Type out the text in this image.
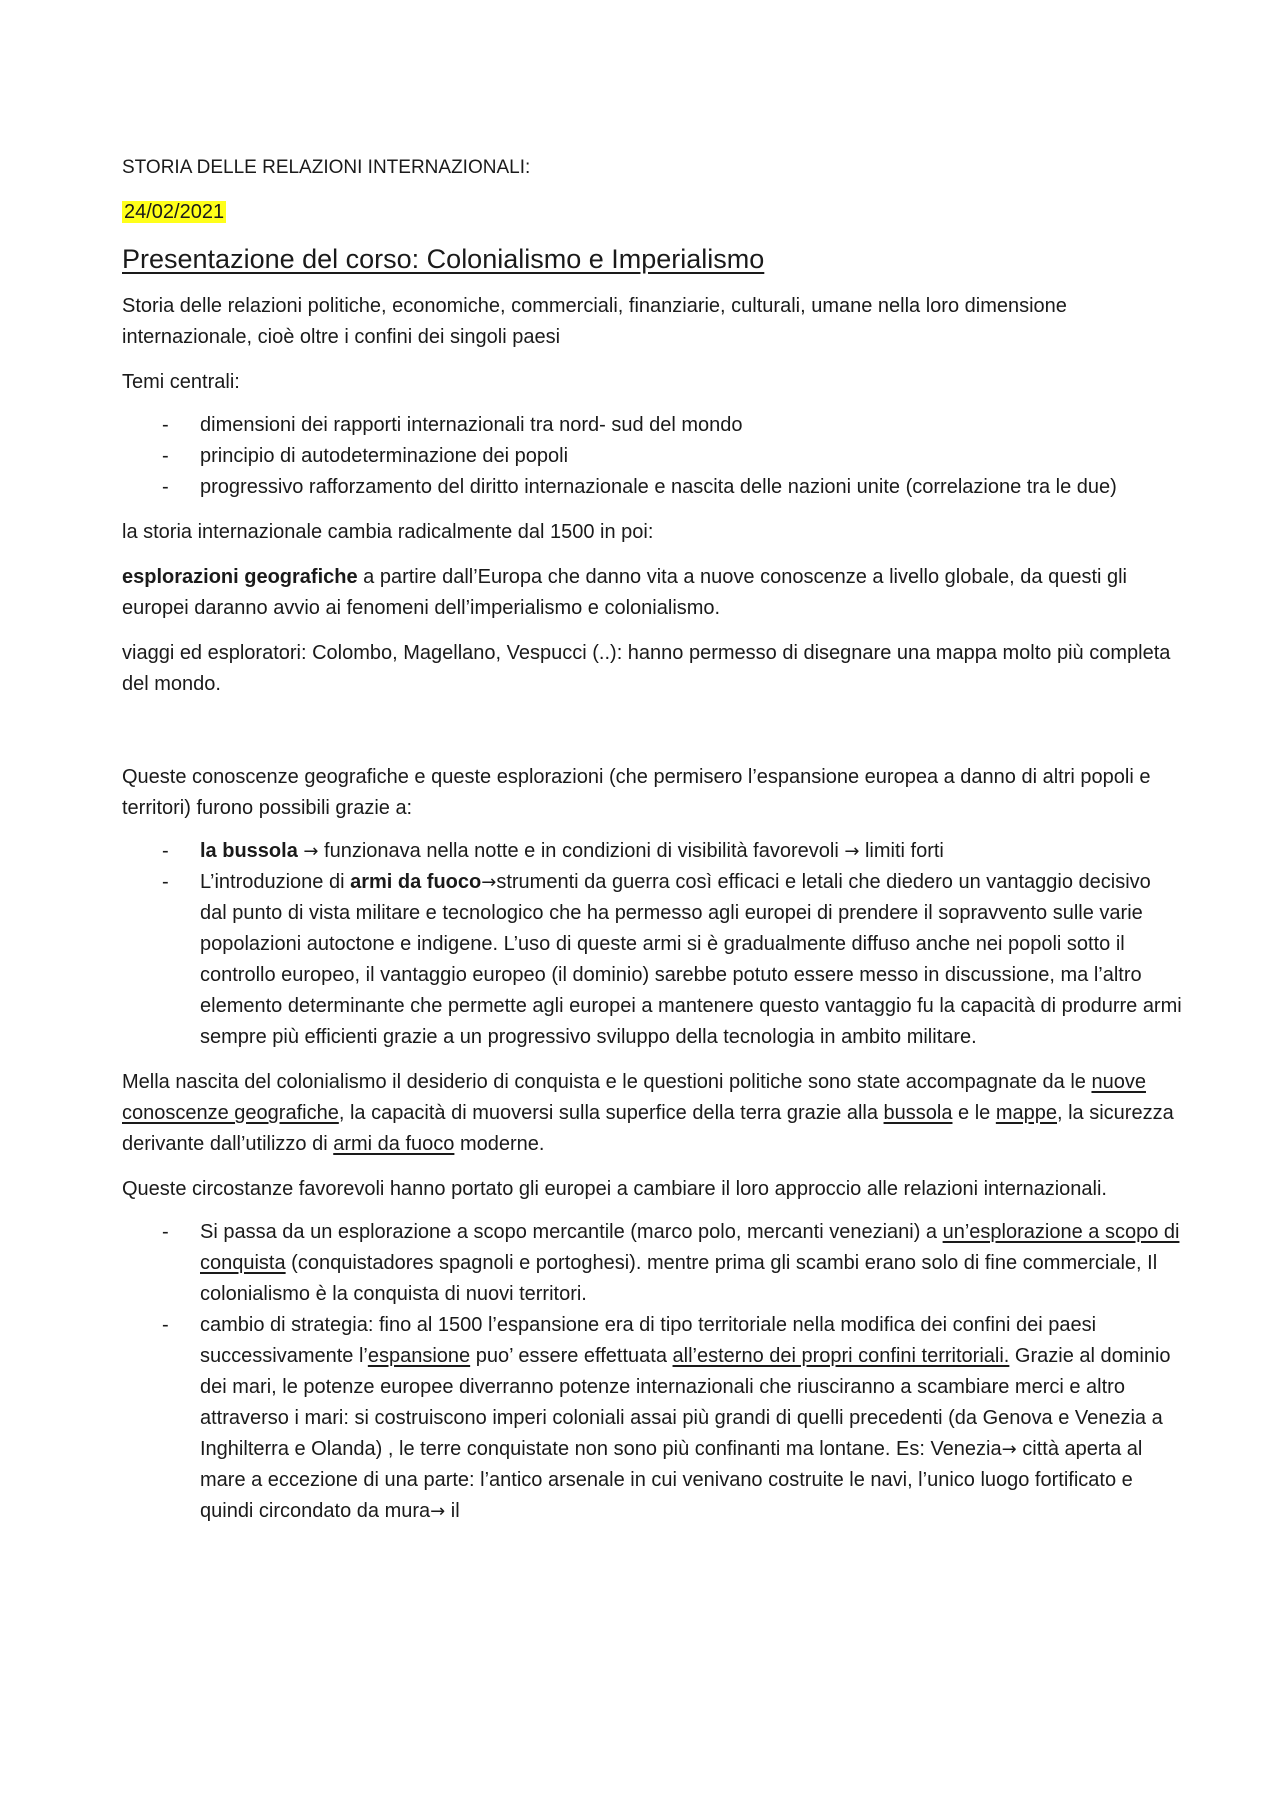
STORIA DELLE RELAZIONI INTERNAZIONALI:

24/02/2021

Presentazione del corso: Colonialismo e Imperialismo

Storia delle relazioni politiche, economiche, commerciali, finanziarie, culturali, umane nella loro dimensione internazionale, cioè oltre i confini dei singoli paesi

Temi centrali:

- dimensioni dei rapporti internazionali tra nord- sud del mondo
- principio di autodeterminazione dei popoli
- progressivo rafforzamento del diritto internazionale e nascita delle nazioni unite (correlazione tra le due)

la storia internazionale cambia radicalmente dal 1500 in poi:

esplorazioni geografiche a partire dall’Europa che danno vita a nuove conoscenze a livello globale, da questi gli europei daranno avvio ai fenomeni dell’imperialismo e colonialismo.

viaggi ed esploratori: Colombo, Magellano, Vespucci (..): hanno permesso di disegnare una mappa molto più completa del mondo.

Queste conoscenze geografiche e queste esplorazioni (che permisero l’espansione europea a danno di altri popoli e territori) furono possibili grazie a:

- la bussola → funzionava nella notte e in condizioni di visibilità favorevoli → limiti forti
- L’introduzione di armi da fuoco→strumenti da guerra così efficaci e letali che diedero un vantaggio decisivo dal punto di vista militare e tecnologico che ha permesso agli europei di prendere il sopravvento sulle varie popolazioni autoctone e indigene. L’uso di queste armi si è gradualmente diffuso anche nei popoli sotto il controllo europeo, il vantaggio europeo (il dominio) sarebbe potuto essere messo in discussione, ma l’altro elemento determinante che permette agli europei a mantenere questo vantaggio fu la capacità di produrre armi sempre più efficienti grazie a un progressivo sviluppo della tecnologia in ambito militare.

Mella nascita del colonialismo il desiderio di conquista e le questioni politiche sono state accompagnate da le nuove conoscenze geografiche, la capacità di muoversi sulla superfice della terra grazie alla bussola e le mappe, la sicurezza derivante dall’utilizzo di armi da fuoco moderne.

Queste circostanze favorevoli hanno portato gli europei a cambiare il loro approccio alle relazioni internazionali.

- Si passa da un esplorazione a scopo mercantile (marco polo, mercanti veneziani) a un’esplorazione a scopo di conquista (conquistadores spagnoli e portoghesi). mentre prima gli scambi erano solo di fine commerciale, Il colonialismo è la conquista di nuovi territori.
- cambio di strategia: fino al 1500 l’espansione era di tipo territoriale nella modifica dei confini dei paesi successivamente l’espansione puo’ essere effettuata all’esterno dei propri confini territoriali. Grazie al dominio dei mari, le potenze europee diverranno potenze internazionali che riusciranno a scambiare merci e altro attraverso i mari: si costruiscono imperi coloniali assai più grandi di quelli precedenti (da Genova e Venezia a Inghilterra e Olanda) , le terre conquistate non sono più confinanti ma lontane. Es: Venezia→ città aperta al mare a eccezione di una parte: l’antico arsenale in cui venivano costruite le navi, l’unico luogo fortificato e quindi circondato da mura→ il
